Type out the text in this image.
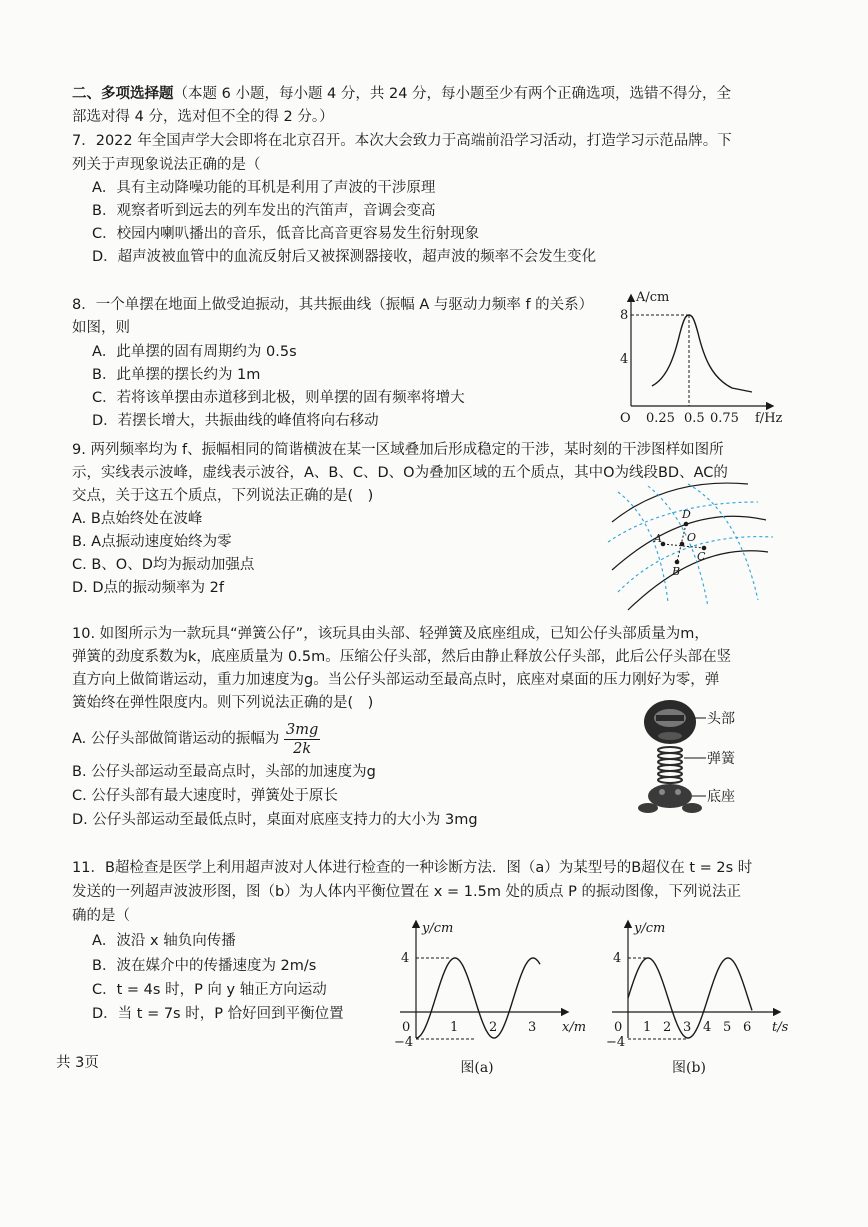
二、多项选择题（本题 6 小题，每小题 4 分，共 24 分，每小题至少有两个正确选项，选错不得分，全
部选对得 4 分，选对但不全的得 2 分。）
7．2022 年全国声学大会即将在北京召开。本次大会致力于高端前沿学习活动，打造学习示范品牌。下
列关于声现象说法正确的是（
A．具有主动降噪功能的耳机是利用了声波的干涉原理
B．观察者听到远去的列车发出的汽笛声，音调会变高
C．校园内喇叭播出的音乐，低音比高音更容易发生衍射现象
D．超声波被血管中的血流反射后又被探测器接收，超声波的频率不会发生变化
8．一个单摆在地面上做受迫振动，其共振曲线（振幅 A 与驱动力频率 f 的关系）
如图，则
A．此单摆的固有周期约为 0.5s
B．此单摆的摆长约为 1m
C．若将该单摆由赤道移到北极，则单摆的固有频率将增大
D．若摆长增大，共振曲线的峰值将向右移动
A/cm
f/Hz
O
8
4
0.25 0.5 0.75
9. 两列频率均为 f、振幅相同的简谐横波在某一区域叠加后形成稳定的干涉，某时刻的干涉图样如图所
示，实线表示波峰，虚线表示波谷，A、B、C、D、O为叠加区域的五个质点，其中O为线段BD、AC的
交点，关于这五个质点，下列说法正确的是(　)
A. B点始终处在波峰
B. A点振动速度始终为零
C. B、O、D均为振动加强点
D. D点的振动频率为 2f
D
O
A
C
B
10. 如图所示为一款玩具“弹簧公仔”，该玩具由头部、轻弹簧及底座组成，已知公仔头部质量为m，
弹簧的劲度系数为k，底座质量为 0.5m。压缩公仔头部，然后由静止释放公仔头部，此后公仔头部在竖
直方向上做简谐运动，重力加速度为g。当公仔头部运动至最高点时，底座对桌面的压力刚好为零，弹
簧始终在弹性限度内。则下列说法正确的是(　)
A. 公仔头部做简谐运动的振幅为 $\frac{3mg}{2k}$
B. 公仔头部运动至最高点时，头部的加速度为g
C. 公仔头部有最大速度时，弹簧处于原长
D. 公仔头部运动至最低点时，桌面对底座支持力的大小为 3mg
头部
弹簧
底座
11．B超检查是医学上利用超声波对人体进行检查的一种诊断方法．图（a）为某型号的B超仪在 t = 2s 时
发送的一列超声波波形图，图（b）为人体内平衡位置在 x = 1.5m 处的质点 P 的振动图像，下列说法正
确的是（
A．波沿 x 轴负向传播
B．波在媒介中的传播速度为 2m/s
C．t = 4s 时，P 向 y 轴正方向运动
D．当 t = 7s 时，P 恰好回到平衡位置
y/cm
x/m
4
−4
0	1 2 3
图(a)
y/cm
t/s
4
−4
0 1 2 3 4 5 6
图(b)
共 3页
